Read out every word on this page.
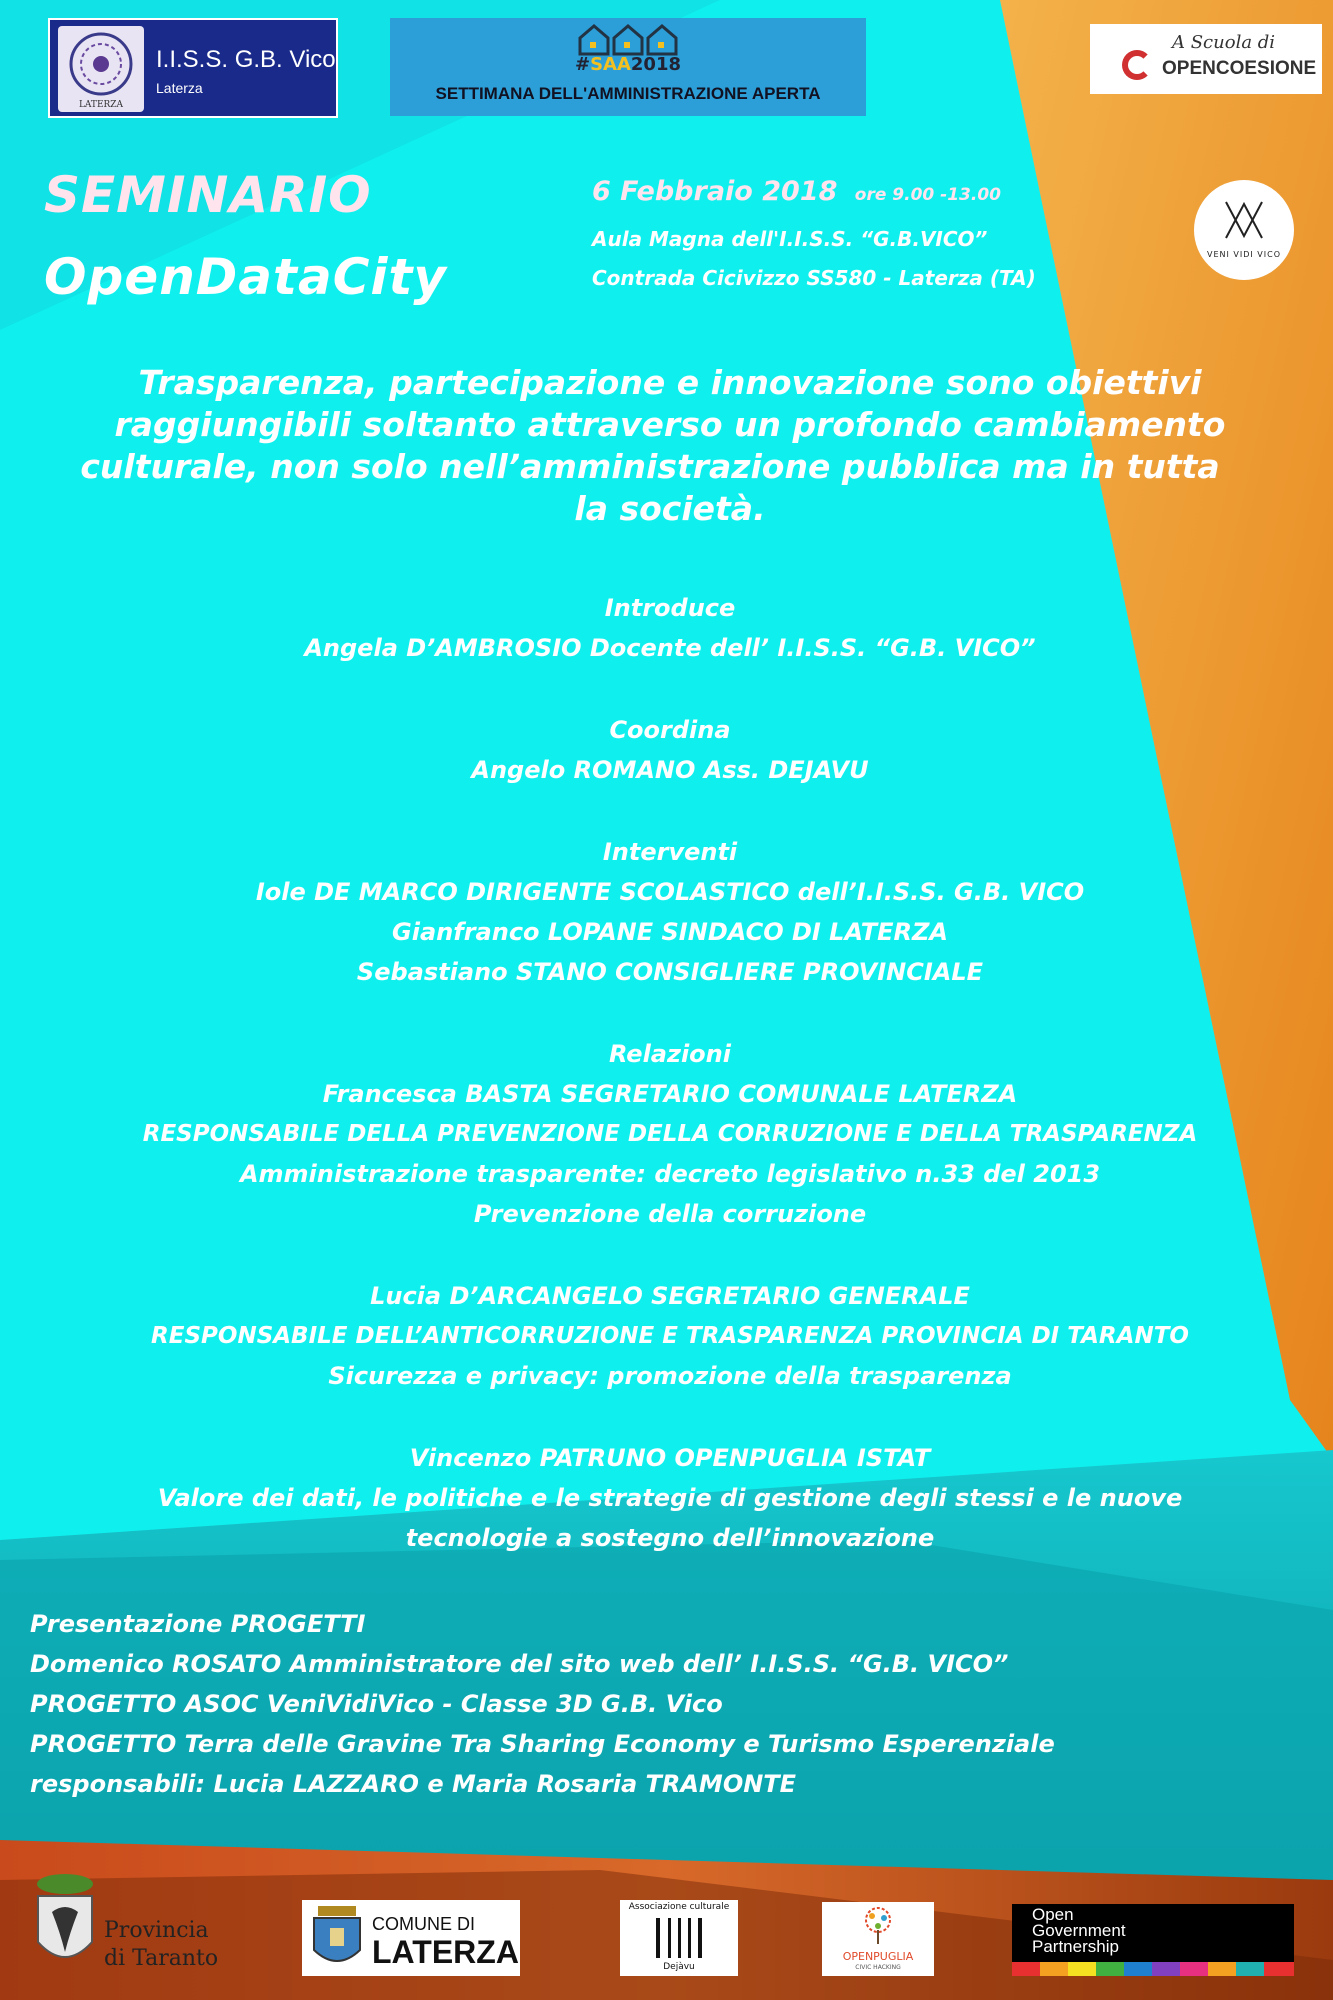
LATERZA
I.I.S.S. G.B. Vico
Laterza
#SAA2018
SETTIMANA DELL'AMMINISTRAZIONE APERTA
A Scuola di
OPENCOESIONE
VENI VIDI VICO
SEMINARIO
OpenDataCity
6 Febbraio 2018 ore 9.00 -13.00
Aula Magna dell'I.I.S.S. “G.B.VICO”
Contrada Cicivizzo SS580 - Laterza (TA)
Trasparenza, partecipazione e innovazione sono obiettivi
raggiungibili soltanto attraverso un profondo cambiamento
culturale, non solo nell’amministrazione pubblica ma in tutta
la società.
Introduce
Angela D’AMBROSIO Docente dell’ I.I.S.S. “G.B. VICO”
Coordina
Angelo ROMANO Ass. DEJAVU
Interventi
Iole DE MARCO DIRIGENTE SCOLASTICO dell’I.I.S.S. G.B. VICO
Gianfranco LOPANE SINDACO DI LATERZA
Sebastiano STANO CONSIGLIERE PROVINCIALE
Relazioni
Francesca BASTA SEGRETARIO COMUNALE LATERZA
RESPONSABILE DELLA PREVENZIONE DELLA CORRUZIONE E DELLA TRASPARENZA
Amministrazione trasparente: decreto legislativo n.33 del 2013
Prevenzione della corruzione
Lucia D’ARCANGELO SEGRETARIO GENERALE
RESPONSABILE DELL’ANTICORRUZIONE E TRASPARENZA PROVINCIA DI TARANTO
Sicurezza e privacy: promozione della trasparenza
Vincenzo PATRUNO OPENPUGLIA ISTAT
Valore dei dati, le politiche e le strategie di gestione degli stessi e le nuove
tecnologie a sostegno dell’innovazione
Presentazione PROGETTI
Domenico ROSATO Amministratore del sito web dell’ I.I.S.S. “G.B. VICO”
PROGETTO ASOC VeniVidiVico - Classe 3D G.B. Vico
PROGETTO Terra delle Gravine Tra Sharing Economy e Turismo Esperenziale
responsabili: Lucia LAZZARO e Maria Rosaria TRAMONTE
Provincia
di Taranto
COMUNE DI
LATERZA
Associazione culturale
Dejàvu
OPENPUGLIA
CIVIC HACKING
Open
Government
Partnership
